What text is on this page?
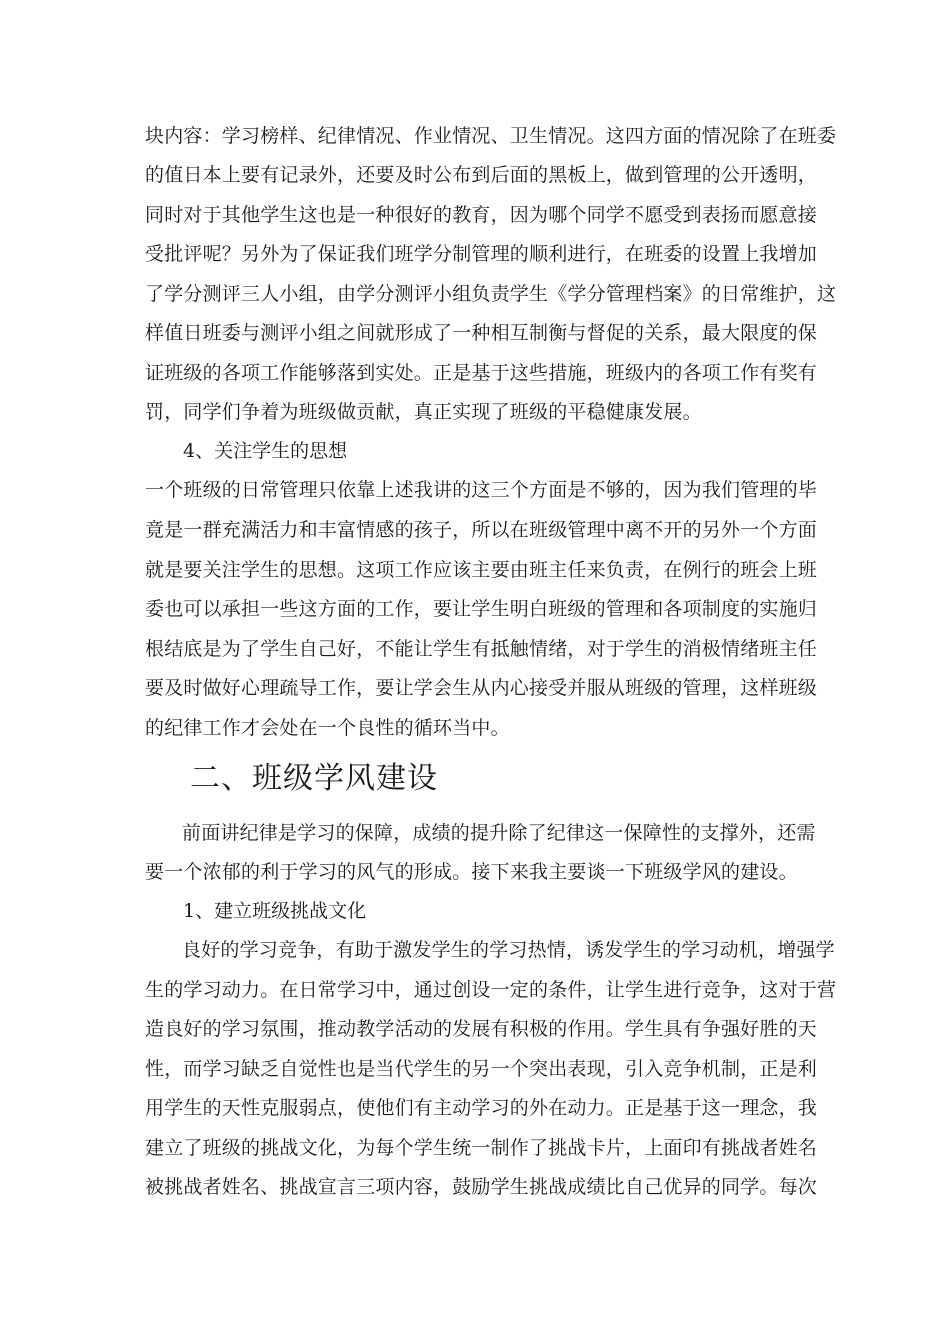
块内容：学习榜样、纪律情况、作业情况、卫生情况。这四方面的情况除了在班委
的值日本上要有记录外，还要及时公布到后面的黑板上，做到管理的公开透明，
同时对于其他学生这也是一种很好的教育，因为哪个同学不愿受到表扬而愿意接
受批评呢？另外为了保证我们班学分制管理的顺利进行，在班委的设置上我增加
了学分测评三人小组，由学分测评小组负责学生《学分管理档案》的日常维护，这
样值日班委与测评小组之间就形成了一种相互制衡与督促的关系，最大限度的保
证班级的各项工作能够落到实处。正是基于这些措施，班级内的各项工作有奖有
罚，同学们争着为班级做贡献，真正实现了班级的平稳健康发展。
4、关注学生的思想
一个班级的日常管理只依靠上述我讲的这三个方面是不够的，因为我们管理的毕
竟是一群充满活力和丰富情感的孩子，所以在班级管理中离不开的另外一个方面
就是要关注学生的思想。这项工作应该主要由班主任来负责，在例行的班会上班
委也可以承担一些这方面的工作，要让学生明白班级的管理和各项制度的实施归
根结底是为了学生自己好，不能让学生有抵触情绪，对于学生的消极情绪班主任
要及时做好心理疏导工作，要让学会生从内心接受并服从班级的管理，这样班级
的纪律工作才会处在一个良性的循环当中。
二、班级学风建设
前面讲纪律是学习的保障，成绩的提升除了纪律这一保障性的支撑外，还需
要一个浓郁的利于学习的风气的形成。接下来我主要谈一下班级学风的建设。
1、建立班级挑战文化
良好的学习竞争，有助于激发学生的学习热情，诱发学生的学习动机，增强学
生的学习动力。在日常学习中，通过创设一定的条件，让学生进行竞争，这对于营
造良好的学习氛围，推动教学活动的发展有积极的作用。学生具有争强好胜的天
性，而学习缺乏自觉性也是当代学生的另一个突出表现，引入竞争机制，正是利
用学生的天性克服弱点，使他们有主动学习的外在动力。正是基于这一理念，我
建立了班级的挑战文化，为每个学生统一制作了挑战卡片，上面印有挑战者姓名
被挑战者姓名、挑战宣言三项内容，鼓励学生挑战成绩比自己优异的同学。每次
